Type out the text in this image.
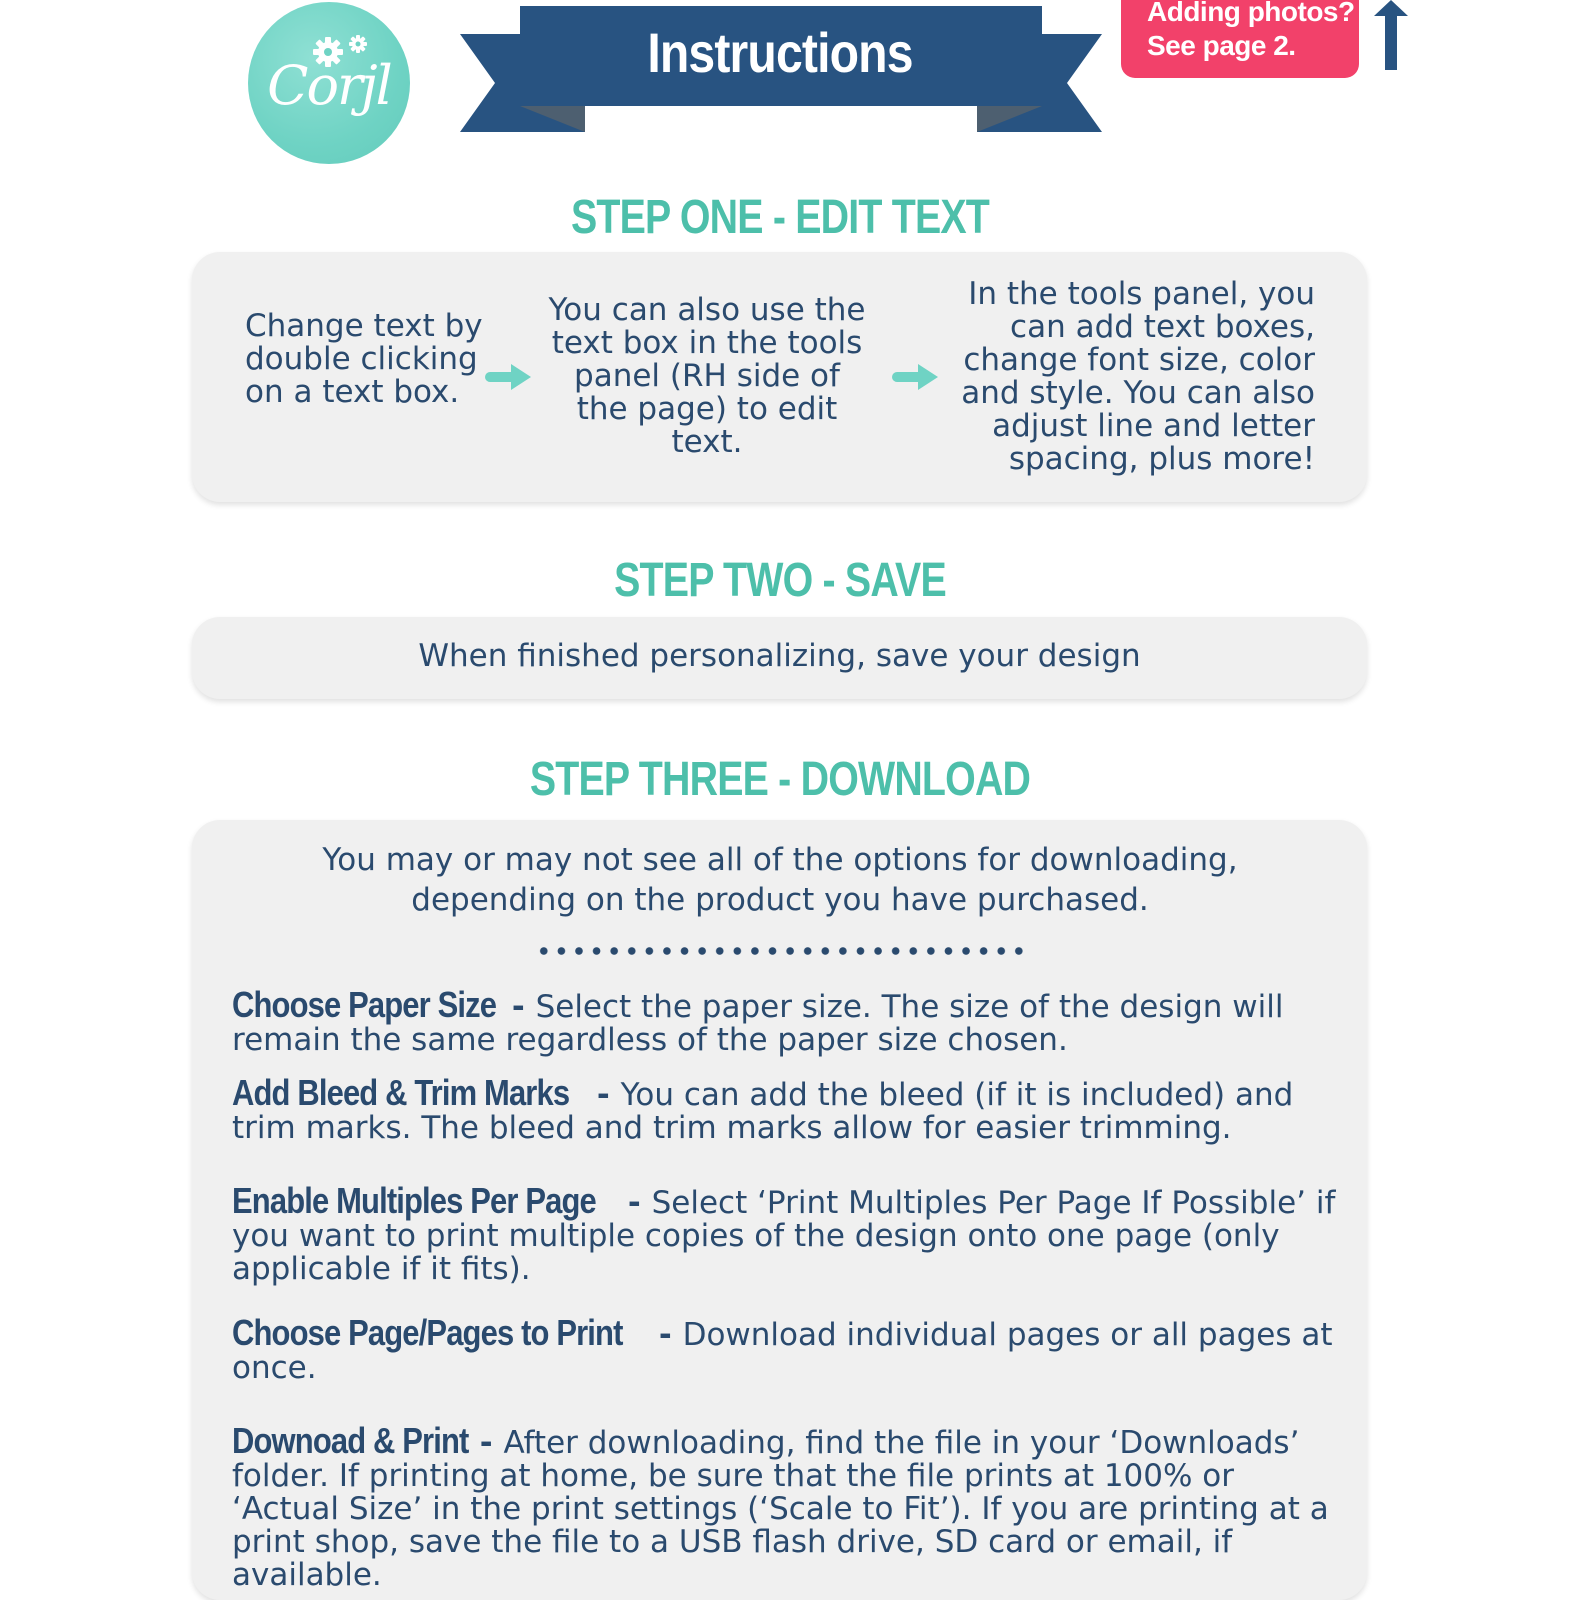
Corjl
Instructions
Adding photos?
See page 2.
STEP ONE - EDIT TEXT
Change text by double clicking on a text box.
You can also use the text box in the tools panel (RH side of the page) to edit text.
In the tools panel, you can add text boxes, change font size, color and style. You can also adjust line and letter spacing, plus more!
STEP TWO - SAVE
When finished personalizing, save your design
STEP THREE - DOWNLOAD
You may or may not see all of the options for downloading, depending on the product you have purchased.
Choose Paper Size - Select the paper size. The size of the design will remain the same regardless of the paper size chosen.
Add Bleed & Trim Marks - You can add the bleed (if it is included) and trim marks. The bleed and trim marks allow for easier trimming.
Enable Multiples Per Page - Select ‘Print Multiples Per Page If Possible’ if you want to print multiple copies of the design onto one page (only applicable if it fits).
Choose Page/Pages to Print - Download individual pages or all pages at once.
Downoad & Print - After downloading, find the file in your ‘Downloads’ folder. If printing at home, be sure that the file prints at 100% or ‘Actual Size’ in the print settings (‘Scale to Fit’). If you are printing at a print shop, save the file to a USB flash drive, SD card or email, if available.
